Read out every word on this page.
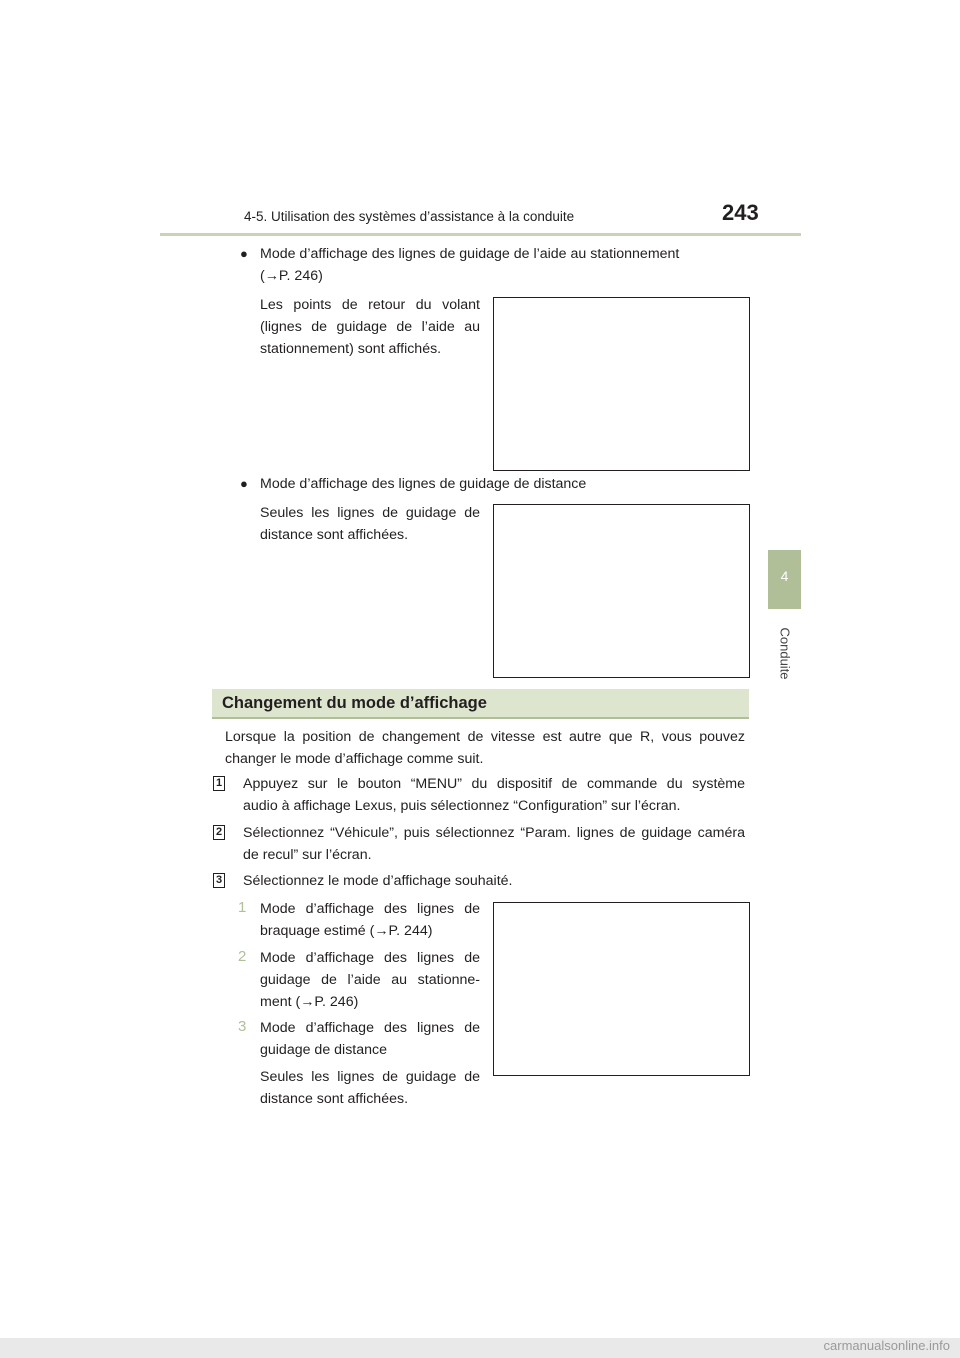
4-5. Utilisation des systèmes d’assistance à la conduite	243
4
Conduite
● Mode d’affichage des lignes de guidage de l’aide au stationnement
(→P. 246)
Les points de retour du volant
(lignes de guidage de l’aide au
stationnement) sont affichés.
● Mode d’affichage des lignes de guidage de distance
Seules les lignes de guidage de
distance sont affichées.
Changement du mode d’affichage
Lorsque la position de changement de vitesse est autre que R, vous pouvez
changer le mode d’affichage comme suit.
1 Appuyez sur le bouton “MENU” du dispositif de commande du système
audio à affichage Lexus, puis sélectionnez “Configuration” sur l’écran.
2 Sélectionnez “Véhicule”, puis sélectionnez “Param. lignes de guidage caméra
de recul” sur l’écran.
3 Sélectionnez le mode d’affichage souhaité.
1 Mode d’affichage des lignes de
braquage estimé (→P. 244)
2 Mode d’affichage des lignes de
guidage de l’aide au stationne-
ment (→P. 246)
3 Mode d’affichage des lignes de
guidage de distance
Seules les lignes de guidage de
distance sont affichées.
carmanualsonline.info
